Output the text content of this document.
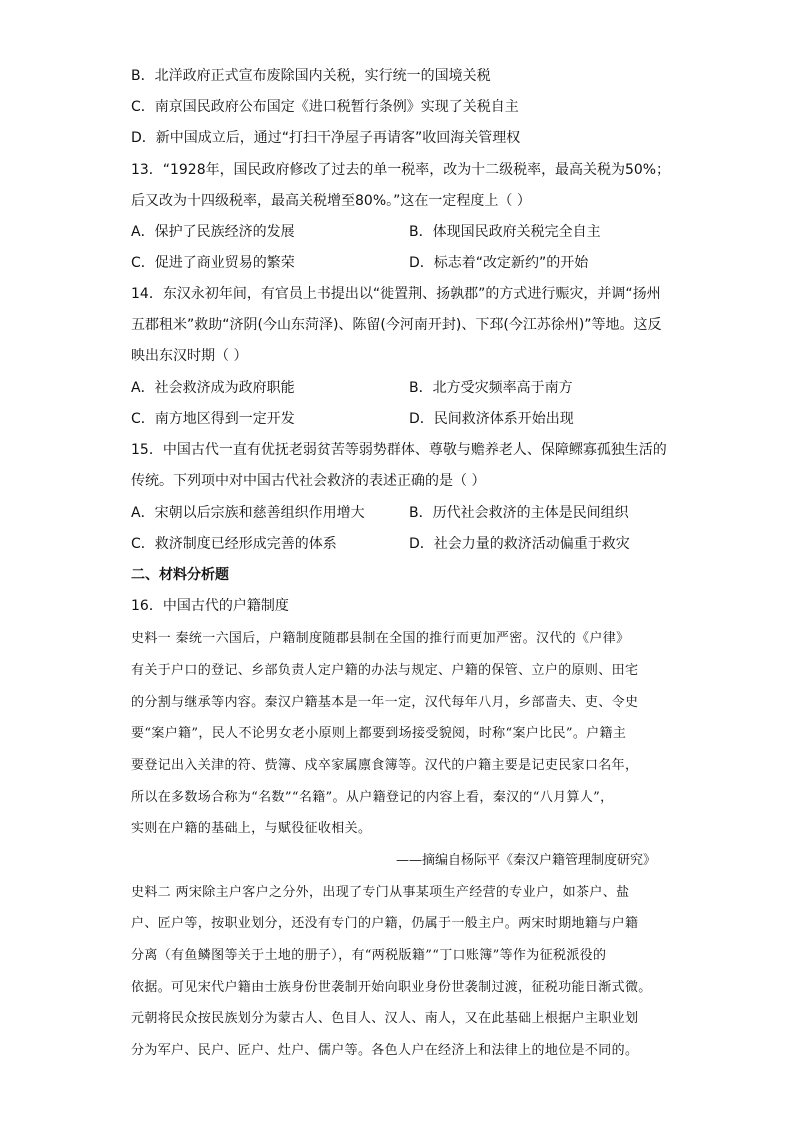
B．北洋政府正式宣布废除国内关税，实行统一的国境关税
C．南京国民政府公布国定《进口税暂行条例》实现了关税自主
D．新中国成立后，通过“打扫干净屋子再请客”收回海关管理权
13．“1928年，国民政府修改了过去的单一税率，改为十二级税率，最高关税为50%；
后又改为十四级税率，最高关税增至80%。”这在一定程度上（ ）
A．保护了民族经济的发展	B．体现国民政府关税完全自主
C．促进了商业贸易的繁荣	D．标志着“改定新约”的开始
14．东汉永初年间，有官员上书提出以“徙置荆、扬孰郡”的方式进行赈灾，并调“扬州
五郡租米”救助“济阴(今山东菏泽)、陈留(今河南开封)、下邳(今江苏徐州)”等地。这反
映出东汉时期（ ）
A．社会救济成为政府职能	B．北方受灾频率高于南方
C．南方地区得到一定开发	D．民间救济体系开始出现
15．中国古代一直有优抚老弱贫苦等弱势群体、尊敬与赡养老人、保障鳏寡孤独生活的
传统。下列项中对中国古代社会救济的表述正确的是（ ）
A．宋朝以后宗族和慈善组织作用增大	B．历代社会救济的主体是民间组织
C．救济制度已经形成完善的体系	D．社会力量的救济活动偏重于救灾
二、材料分析题
16．中国古代的户籍制度
史料一 秦统一六国后，户籍制度随郡县制在全国的推行而更加严密。汉代的《户律》
有关于户口的登记、乡部负责人定户籍的办法与规定、户籍的保管、立户的原则、田宅
的分割与继承等内容。秦汉户籍基本是一年一定，汉代每年八月，乡部啬夫、吏、令史
要“案户籍”，民人不论男女老小原则上都要到场接受貌阅，时称“案户比民”。户籍主
要登记出入关津的符、赀簿、戍卒家属廪食簿等。汉代的户籍主要是记吏民家口名年，
所以在多数场合称为“名数”“名籍”。从户籍登记的内容上看，秦汉的“八月算人”，
实则在户籍的基础上，与赋役征收相关。
——摘编自杨际平《秦汉户籍管理制度研究》
史料二 两宋除主户客户之分外，出现了专门从事某项生产经营的专业户，如茶户、盐
户、匠户等，按职业划分，还没有专门的户籍，仍属于一般主户。两宋时期地籍与户籍
分离（有鱼鳞图等关于土地的册子），有“两税版籍”“丁口账簿”等作为征税派役的
依据。可见宋代户籍由士族身份世袭制开始向职业身份世袭制过渡，征税功能日渐式微。
元朝将民众按民族划分为蒙古人、色目人、汉人、南人，又在此基础上根据户主职业划
分为军户、民户、匠户、灶户、儒户等。各色人户在经济上和法律上的地位是不同的。
